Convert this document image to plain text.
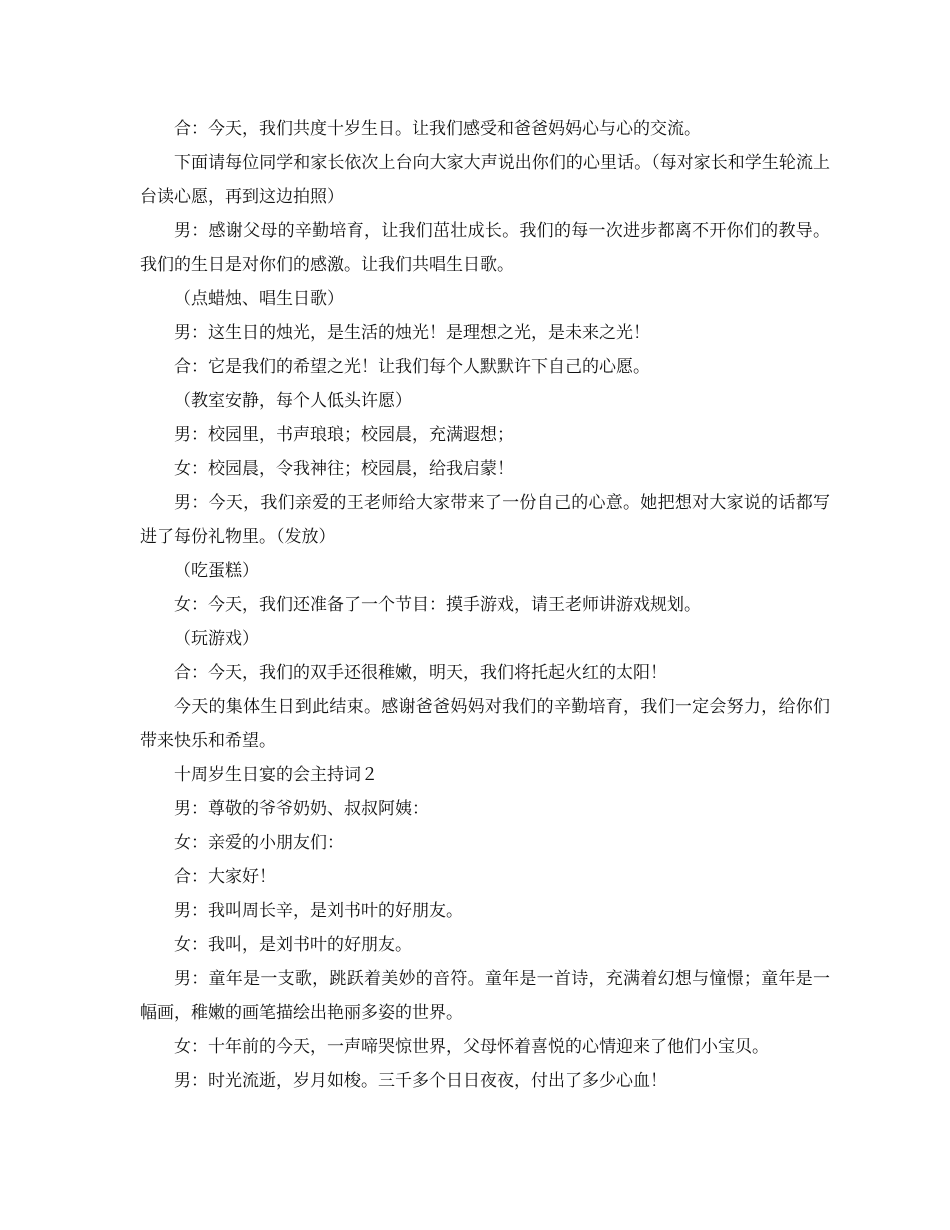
合：今天，我们共度十岁生日。让我们感受和爸爸妈妈心与心的交流。

下面请每位同学和家长依次上台向大家大声说出你们的心里话。（每对家长和学生轮流上台读心愿，再到这边拍照）

男：感谢父母的辛勤培育，让我们茁壮成长。我们的每一次进步都离不开你们的教导。我们的生日是对你们的感激。让我们共唱生日歌。

（点蜡烛、唱生日歌）

男：这生日的烛光，是生活的烛光！是理想之光，是未来之光！

合：它是我们的希望之光！让我们每个人默默许下自己的心愿。

（教室安静，每个人低头许愿）

男：校园里，书声琅琅；校园晨，充满遐想；

女：校园晨，令我神往；校园晨，给我启蒙！

男：今天，我们亲爱的王老师给大家带来了一份自己的心意。她把想对大家说的话都写进了每份礼物里。（发放）

（吃蛋糕）

女：今天，我们还准备了一个节目：摸手游戏，请王老师讲游戏规划。

（玩游戏）

合：今天，我们的双手还很稚嫩，明天，我们将托起火红的太阳！

今天的集体生日到此结束。感谢爸爸妈妈对我们的辛勤培育，我们一定会努力，给你们带来快乐和希望。

十周岁生日宴的会主持词２

男：尊敬的爷爷奶奶、叔叔阿姨：

女：亲爱的小朋友们：

合：大家好！

男：我叫周长辛，是刘书叶的好朋友。

女：我叫，是刘书叶的好朋友。

男：童年是一支歌，跳跃着美妙的音符。童年是一首诗，充满着幻想与憧憬；童年是一幅画，稚嫩的画笔描绘出艳丽多姿的世界。

女：十年前的今天，一声啼哭惊世界，父母怀着喜悦的心情迎来了他们小宝贝。

男：时光流逝，岁月如梭。三千多个日日夜夜，付出了多少心血！
